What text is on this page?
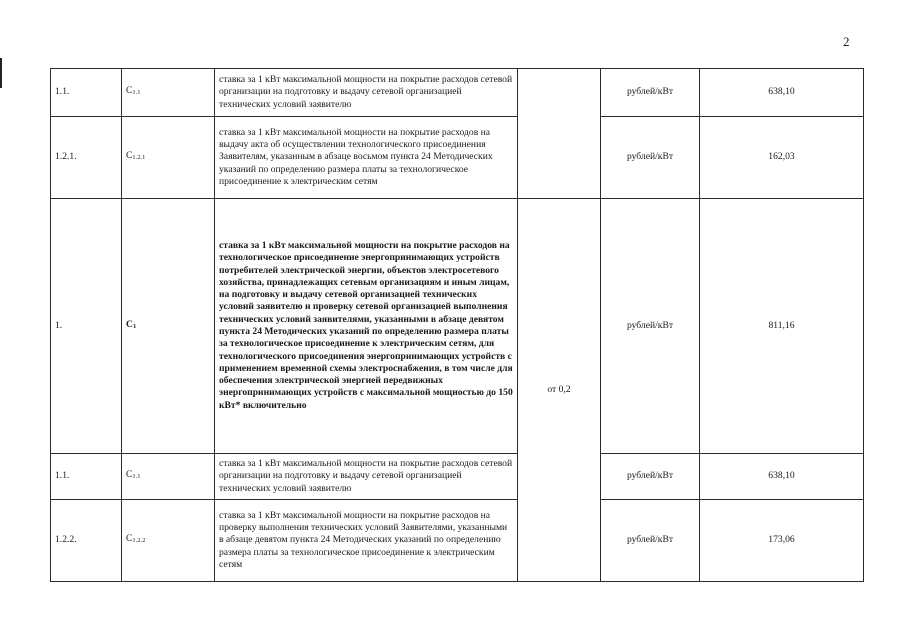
2
1.1.	$C_{1.1}$	ставка за 1 кВт максимальной мощности на покрытие расходов сетевой организации на подготовку и выдачу сетевой организацией технических условий заявителю		рублей/кВт	638,10
1.2.1.	$C_{1.2.1}$	ставка за 1 кВт максимальной мощности на покрытие расходов на выдачу акта об осуществлении технологического присоединения Заявителям, указанным в абзаце восьмом пункта 24 Методических указаний по определению размера платы за технологическое присоединение к электрическим сетям		рублей/кВт	162,03
1.	$C_1$	ставка за 1 кВт максимальной мощности на покрытие расходов на технологическое присоединение энергопринимающих устройств потребителей электрической энергии, объектов электросетевого хозяйства, принадлежащих сетевым организациям и иным лицам, на подготовку и выдачу сетевой организацией технических условий заявителю и проверку сетевой организацией выполнения технических условий заявителями, указанными в абзаце девятом пункта 24 Методических указаний по определению размера платы за технологическое присоединение к электрическим сетям, для технологического присоединения энергопринимающих устройств с применением временной схемы электроснабжения, в том числе для обеспечения электрической энергией передвижных энергопринимающих устройств с максимальной мощностью до 150 кВт* включительно	от 0,2	рублей/кВт	811,16
1.1.	$C_{1.1}$	ставка за 1 кВт максимальной мощности на покрытие расходов сетевой организации на подготовку и выдачу сетевой организацией технических условий заявителю		рублей/кВт	638,10
1.2.2.	$C_{1.2.2}$	ставка за 1 кВт максимальной мощности на покрытие расходов на проверку выполнения технических условий Заявителями, указанными в абзаце девятом пункта 24 Методических указаний по определению размера платы за технологическое присоединение к электрическим сетям		рублей/кВт	173,06
